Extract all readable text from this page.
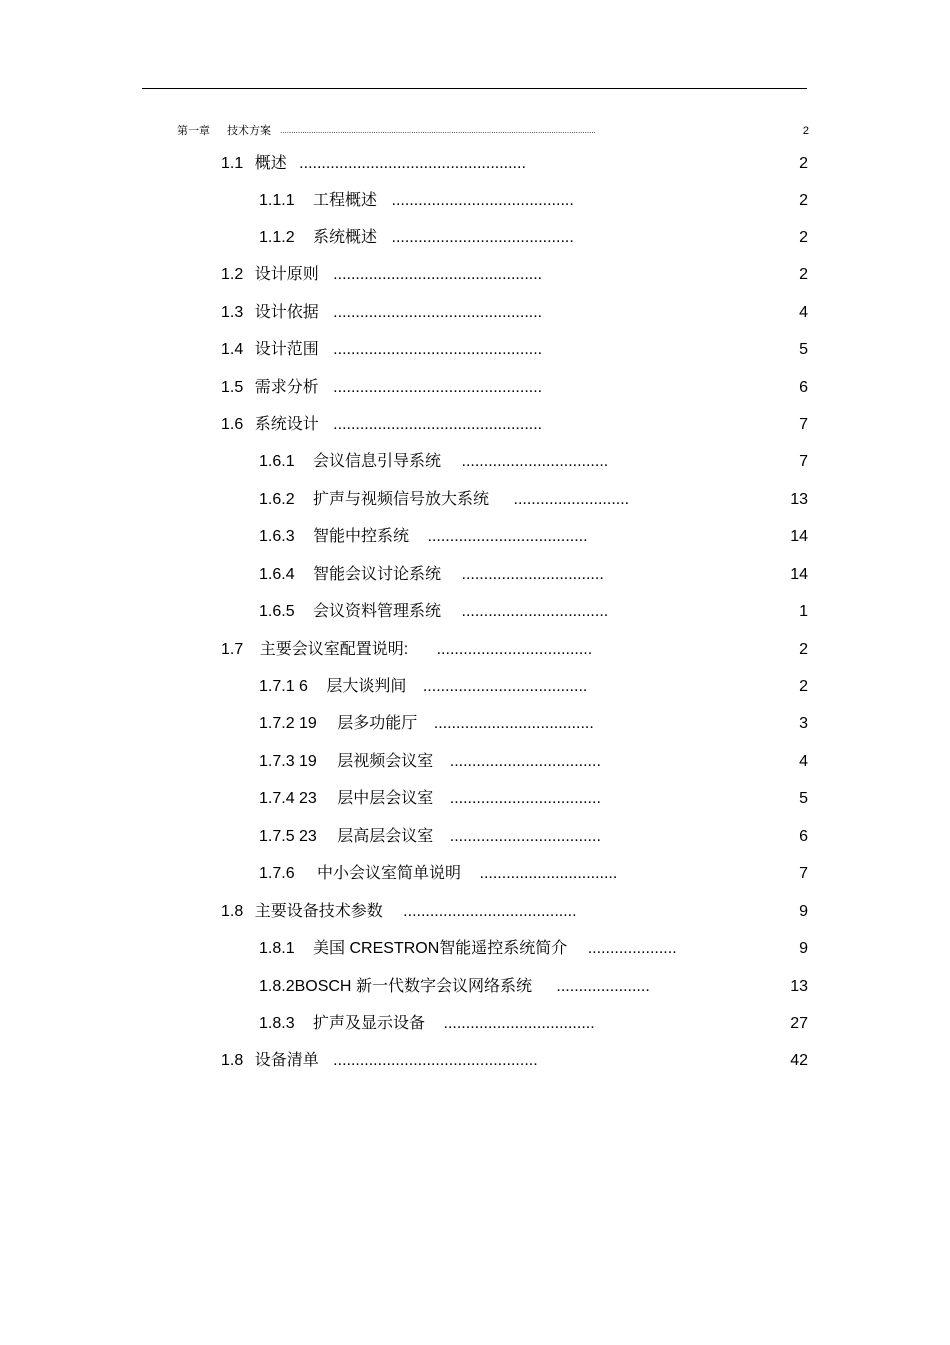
第一章 技术方案 ..............................................................................................................................................	2
1.1 概述 ...................................................	2
1.1.1 工程概述 .........................................	2
1.1.2 系统概述 .........................................	2
1.2 设计原则 ...............................................	2
1.3 设计依据 ...............................................	4
1.4 设计范围 ...............................................	5
1.5 需求分析 ...............................................	6
1.6 系统设计 ...............................................	7
1.6.1 会议信息引导系统 .................................	7
1.6.2 扩声与视频信号放大系统 ..........................	13
1.6.3 智能中控系统 ....................................	14
1.6.4 智能会议讨论系统 ................................	14
1.6.5 会议资料管理系统 .................................	1
1.7 主要会议室配置说明: ...................................	2
1.7.1 6 层大谈判间 .....................................	2
1.7.2 19 层多功能厅 ....................................	3
1.7.3 19 层视频会议室 ..................................	4
1.7.4 23 层中层会议室 ..................................	5
1.7.5 23 层高层会议室 ..................................	6
1.7.6 中小会议室简单说明 ...............................	7
1.8 主要设备技术参数 .......................................	9
1.8.1 美国 CRESTRON智能遥控系统简介 ....................	9
1.8.2BOSCH 新一代数字会议网络系统 .....................	13
1.8.3 扩声及显示设备 ..................................	27
1.8 设备清单 ..............................................	42
